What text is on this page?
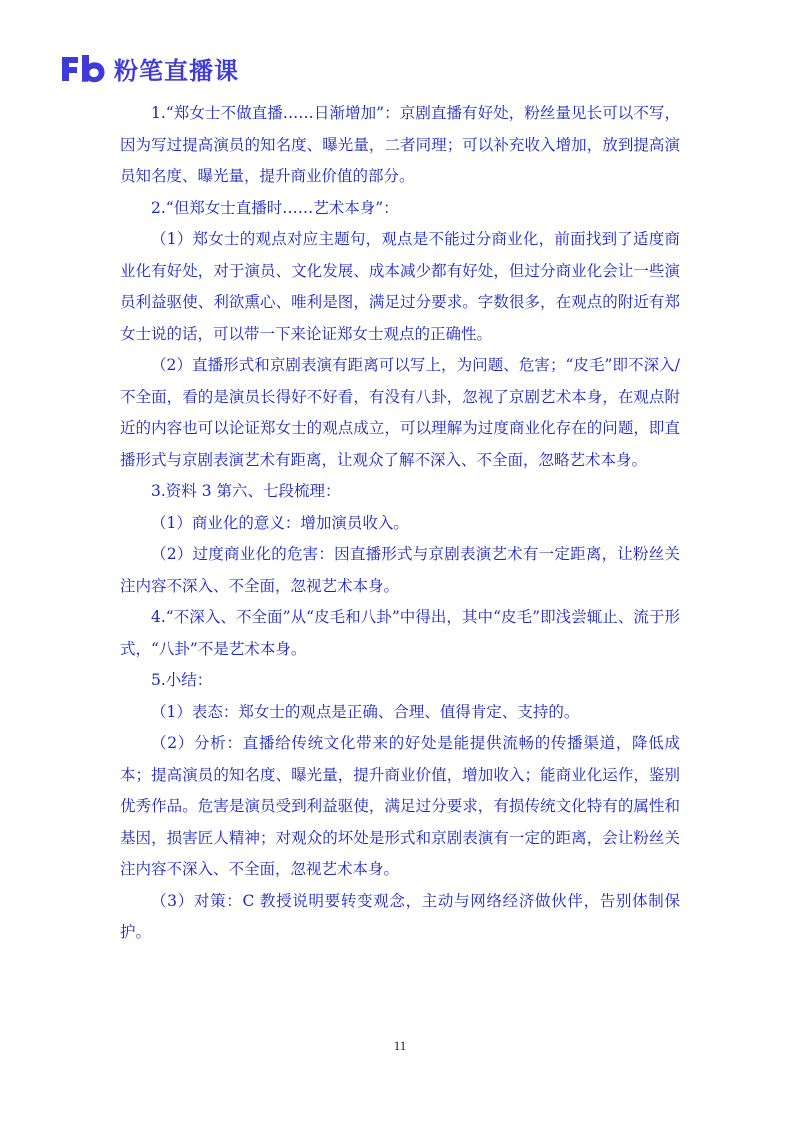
粉笔直播课

1.“郑女士不做直播……日渐增加”：京剧直播有好处，粉丝量见长可以不写，因为写过提高演员的知名度、曝光量，二者同理；可以补充收入增加，放到提高演员知名度、曝光量，提升商业价值的部分。

2.“但郑女士直播时……艺术本身”：

（1）郑女士的观点对应主题句，观点是不能过分商业化，前面找到了适度商业化有好处，对于演员、文化发展、成本减少都有好处，但过分商业化会让一些演员利益驱使、利欲熏心、唯利是图，满足过分要求。字数很多，在观点的附近有郑女士说的话，可以带一下来论证郑女士观点的正确性。

（2）直播形式和京剧表演有距离可以写上，为问题、危害；“皮毛”即不深入/不全面，看的是演员长得好不好看，有没有八卦，忽视了京剧艺术本身，在观点附近的内容也可以论证郑女士的观点成立，可以理解为过度商业化存在的问题，即直播形式与京剧表演艺术有距离，让观众了解不深入、不全面，忽略艺术本身。

3.资料 3 第六、七段梳理：

（1）商业化的意义：增加演员收入。

（2）过度商业化的危害：因直播形式与京剧表演艺术有一定距离，让粉丝关注内容不深入、不全面，忽视艺术本身。

4.“不深入、不全面”从“皮毛和八卦”中得出，其中“皮毛”即浅尝辄止、流于形式，“八卦”不是艺术本身。

5.小结：

（1）表态：郑女士的观点是正确、合理、值得肯定、支持的。

（2）分析：直播给传统文化带来的好处是能提供流畅的传播渠道，降低成本；提高演员的知名度、曝光量，提升商业价值，增加收入；能商业化运作，鉴别优秀作品。危害是演员受到利益驱使，满足过分要求，有损传统文化特有的属性和基因，损害匠人精神；对观众的坏处是形式和京剧表演有一定的距离，会让粉丝关注内容不深入、不全面，忽视艺术本身。

（3）对策：C 教授说明要转变观念，主动与网络经济做伙伴，告别体制保护。

11
